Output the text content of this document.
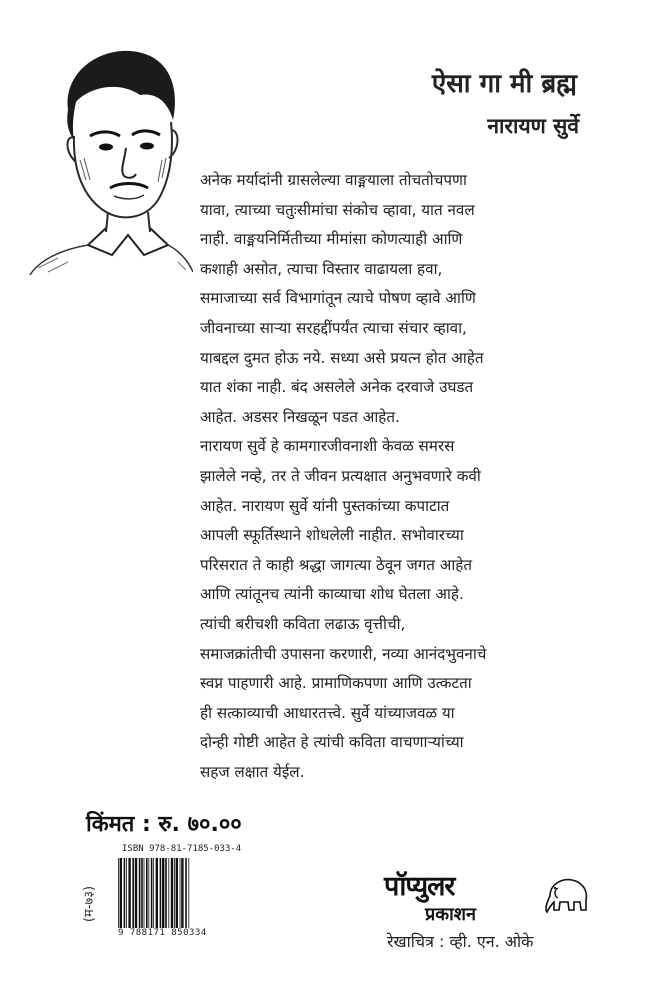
ऐसा गा मी ब्रह्म
नारायण सुर्वे
अनेक मर्यादांनी ग्रासलेल्या वाङ्मयाला तोचतोचपणा
यावा, त्याच्या चतुःसीमांचा संकोच व्हावा, यात नवल
नाही. वाङ्मयनिर्मितीच्या मीमांसा कोणत्याही आणि
कशाही असोत, त्याचा विस्तार वाढायला हवा,
समाजाच्या सर्व विभागांतून त्याचे पोषण व्हावे आणि
जीवनाच्या साऱ्या सरहद्दींपर्यंत त्याचा संचार व्हावा,
याबद्दल दुमत होऊ नये. सध्या असे प्रयत्न होत आहेत
यात शंका नाही. बंद असलेले अनेक दरवाजे उघडत
आहेत. अडसर निखळून पडत आहेत.
नारायण सुर्वे हे कामगारजीवनाशी केवळ समरस
झालेले नव्हे, तर ते जीवन प्रत्यक्षात अनुभवणारे कवी
आहेत. नारायण सुर्वे यांनी पुस्तकांच्या कपाटात
आपली स्फूर्तिस्थाने शोधलेली नाहीत. सभोवारच्या
परिसरात ते काही श्रद्धा जागत्या ठेवून जगत आहेत
आणि त्यांतूनच त्यांनी काव्याचा शोध घेतला आहे.
त्यांची बरीचशी कविता लढाऊ वृत्तीची,
समाजक्रांतीची उपासना करणारी, नव्या आनंदभुवनाचे
स्वप्न पाहणारी आहे. प्रामाणिकपणा आणि उत्कटता
ही सत्काव्याची आधारतत्त्वे. सुर्वे यांच्याजवळ या
दोन्ही गोष्टी आहेत हे त्यांची कविता वाचणाऱ्यांच्या
सहज लक्षात येईल.
किंमत : रु. ७०.००
ISBN 978-81-7185-033-4
9 788171 850334
(म-७३)	पॉप्युलर
प्रकाशन
रेखाचित्र : व्ही. एन. ओके
